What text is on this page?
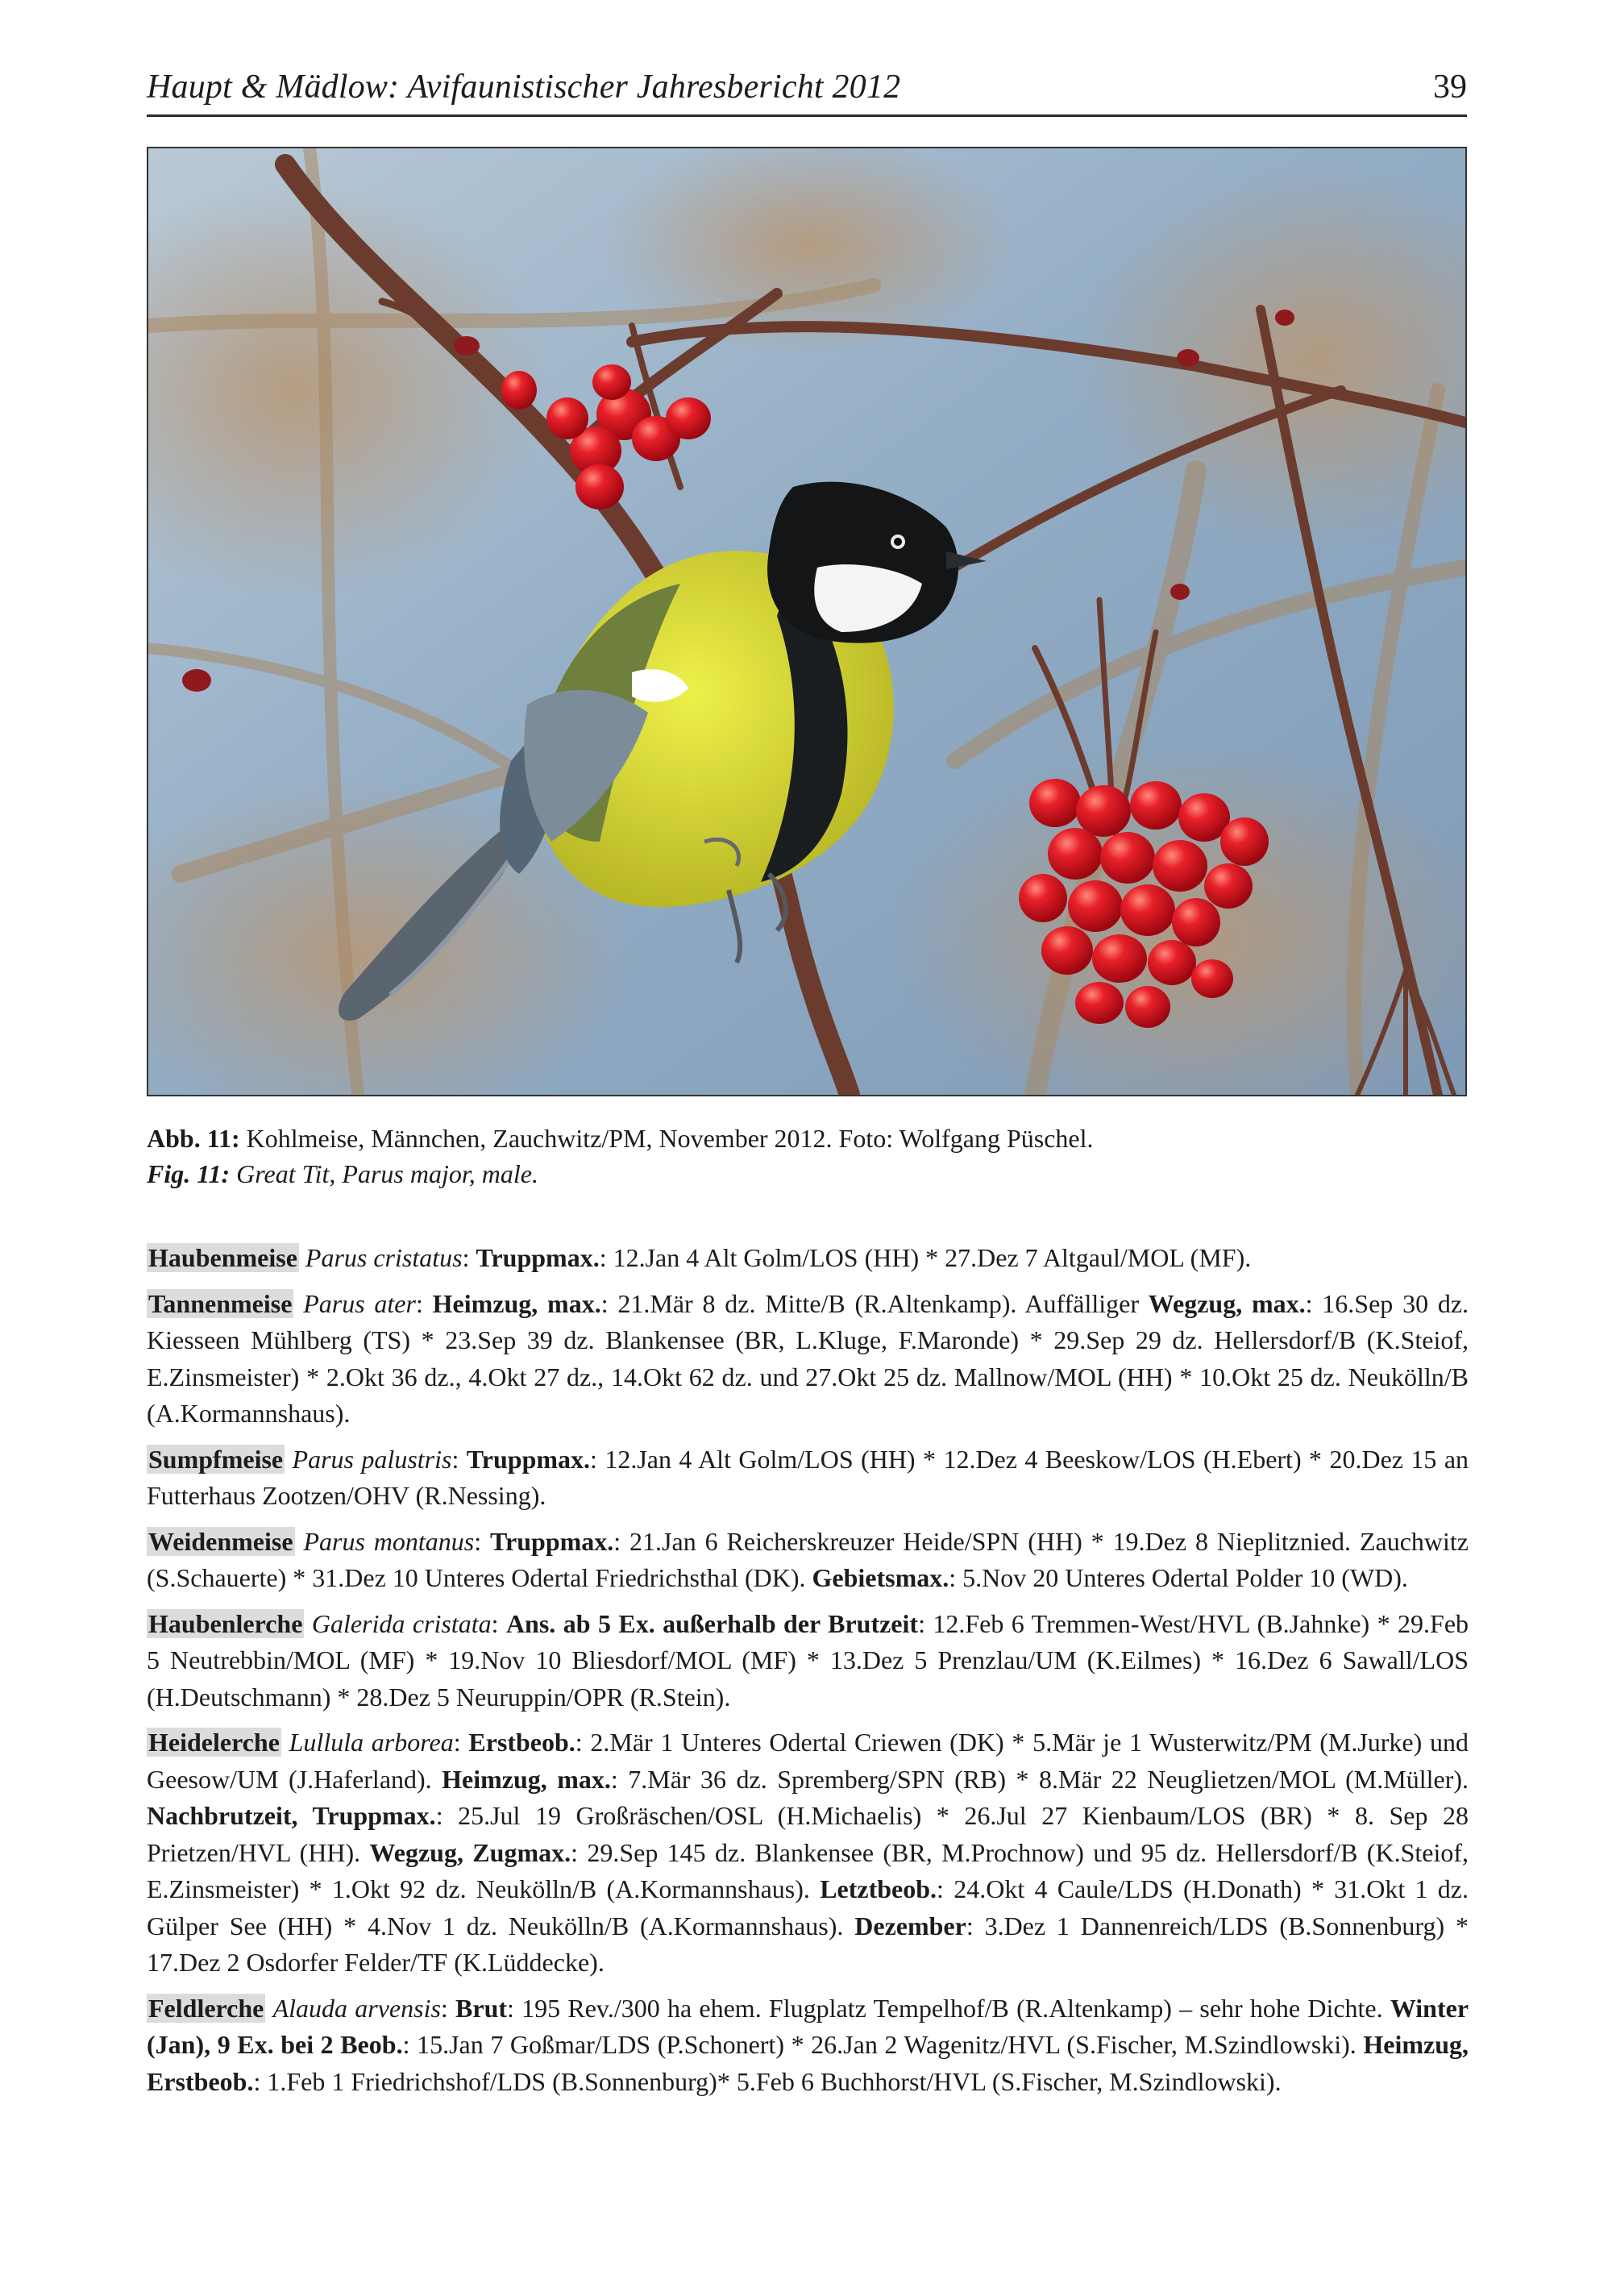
Haupt & Mädlow: Avifaunistischer Jahresbericht 2012	39
Abb. 11: Kohlmeise, Männchen, Zauchwitz/PM, November 2012. Foto: Wolfgang Püschel.
Fig. 11: Great Tit, Parus major, male.

Haubenmeise Parus cristatus: Truppmax.: 12.Jan 4 Alt Golm/LOS (HH) * 27.Dez 7 Altgaul/MOL (MF).

Tannenmeise Parus ater: Heimzug, max.: 21.Mär 8 dz. Mitte/B (R.Altenkamp). Auffälliger Wegzug, max.: 16.Sep 30 dz. Kiesseen Mühlberg (TS) * 23.Sep 39 dz. Blankensee (BR, L.Kluge, F.Maronde) * 29.Sep 29 dz. Hellersdorf/B (K.Steiof, E.Zinsmeister) * 2.Okt 36 dz., 4.Okt 27 dz., 14.Okt 62 dz. und 27.Okt 25 dz. Mallnow/MOL (HH) * 10.Okt 25 dz. Neukölln/B (A.Kormannshaus).

Sumpfmeise Parus palustris: Truppmax.: 12.Jan 4 Alt Golm/LOS (HH) * 12.Dez 4 Beeskow/LOS (H.Ebert) * 20.Dez 15 an Futterhaus Zootzen/OHV (R.Nessing).

Weidenmeise Parus montanus: Truppmax.: 21.Jan 6 Reicherskreuzer Heide/SPN (HH) * 19.Dez 8 Nieplitznied. Zauchwitz (S.Schauerte) * 31.Dez 10 Unteres Odertal Friedrichsthal (DK). Gebietsmax.: 5.Nov 20 Unteres Odertal Polder 10 (WD).

Haubenlerche Galerida cristata: Ans. ab 5 Ex. außerhalb der Brutzeit: 12.Feb 6 Tremmen-West/HVL (B.Jahnke) * 29.Feb 5 Neutrebbin/MOL (MF) * 19.Nov 10 Bliesdorf/MOL (MF) * 13.Dez 5 Prenzlau/UM (K.Eilmes) * 16.Dez 6 Sawall/LOS (H.Deutschmann) * 28.Dez 5 Neuruppin/OPR (R.Stein).

Heidelerche Lullula arborea: Erstbeob.: 2.Mär 1 Unteres Odertal Criewen (DK) * 5.Mär je 1 Wusterwitz/PM (M.Jurke) und Geesow/UM (J.Haferland). Heimzug, max.: 7.Mär 36 dz. Spremberg/SPN (RB) * 8.Mär 22 Neuglietzen/MOL (M.Müller). Nachbrutzeit, Truppmax.: 25.Jul 19 Großräschen/OSL (H.Michaelis) * 26.Jul 27 Kienbaum/LOS (BR) * 8. Sep 28 Prietzen/HVL (HH). Wegzug, Zugmax.: 29.Sep 145 dz. Blankensee (BR, M.Prochnow) und 95 dz. Hellersdorf/B (K.Steiof, E.Zinsmeister) * 1.Okt 92 dz. Neukölln/B (A.Kormannshaus). Letztbeob.: 24.Okt 4 Caule/LDS (H.Donath) * 31.Okt 1 dz. Gülper See (HH) * 4.Nov 1 dz. Neukölln/B (A.Kormannshaus). Dezember: 3.Dez 1 Dannenreich/LDS (B.Sonnenburg) * 17.Dez 2 Osdorfer Felder/TF (K.Lüddecke).

Feldlerche Alauda arvensis: Brut: 195 Rev./300 ha ehem. Flugplatz Tempelhof/B (R.Altenkamp) – sehr hohe Dichte. Winter (Jan), 9 Ex. bei 2 Beob.: 15.Jan 7 Goßmar/LDS (P.Schonert) * 26.Jan 2 Wagenitz/HVL (S.Fischer, M.Szindlowski). Heimzug, Erstbeob.: 1.Feb 1 Friedrichshof/LDS (B.Sonnenburg)* 5.Feb 6 Buchhorst/HVL (S.Fischer, M.Szindlowski).
